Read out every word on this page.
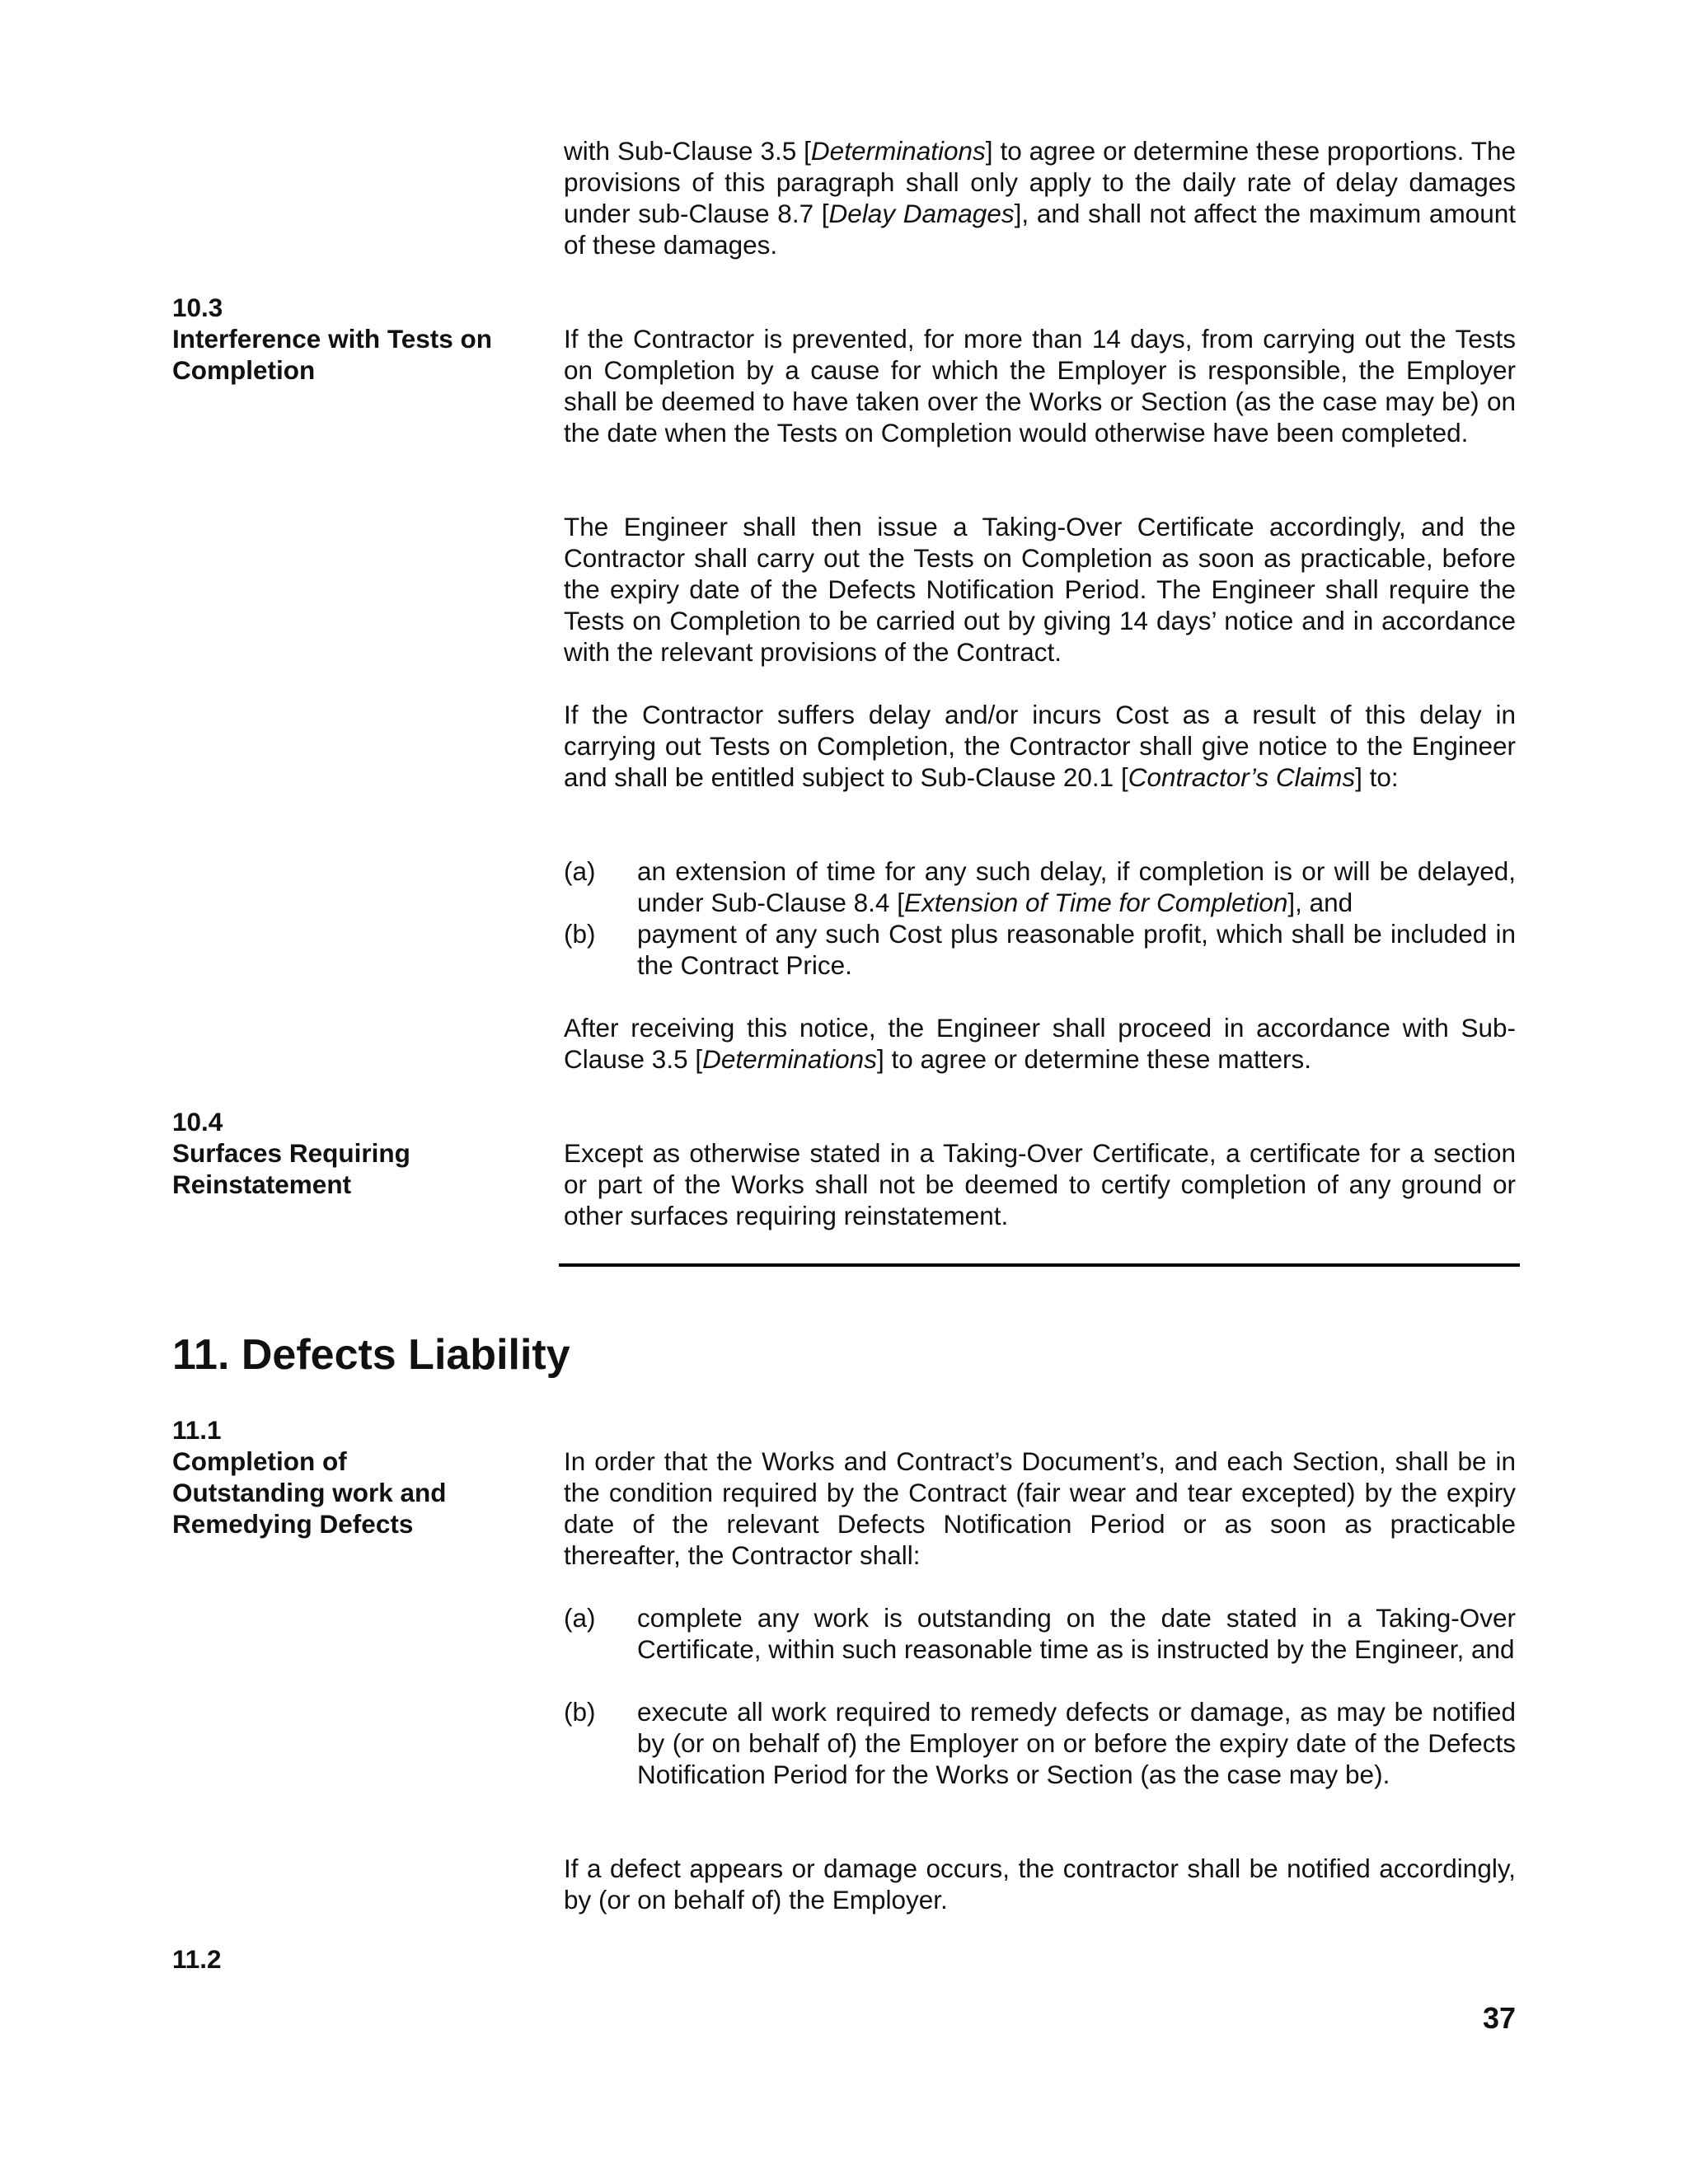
with Sub-Clause 3.5 [Determinations] to agree or determine these proportions. The provisions of this paragraph shall only apply to the daily rate of delay damages under sub-Clause 8.7 [Delay Damages], and shall not affect the maximum amount of these damages.
10.3
Interference with Tests on Completion
If the Contractor is prevented, for more than 14 days, from carrying out the Tests on Completion by a cause for which the Employer is responsible, the Employer shall be deemed to have taken over the Works or Section (as the case may be) on the date when the Tests on Completion would otherwise have been completed.
The Engineer shall then issue a Taking-Over Certificate accordingly, and the Contractor shall carry out the Tests on Completion as soon as practicable, before the expiry date of the Defects Notification Period. The Engineer shall require the Tests on Completion to be carried out by giving 14 days’ notice and in accordance with the relevant provisions of the Contract.
If the Contractor suffers delay and/or incurs Cost as a result of this delay in carrying out Tests on Completion, the Contractor shall give notice to the Engineer and shall be entitled subject to Sub-Clause 20.1 [Contractor’s Claims] to:
(a)	an extension of time for any such delay, if completion is or will be delayed, under Sub-Clause 8.4 [Extension of Time for Completion], and
(b)	payment of any such Cost plus reasonable profit, which shall be included in the Contract Price.
After receiving this notice, the Engineer shall proceed in accordance with Sub-Clause 3.5 [Determinations] to agree or determine these matters.
10.4
Surfaces Requiring Reinstatement
Except as otherwise stated in a Taking-Over Certificate, a certificate for a section or part of the Works shall not be deemed to certify completion of any ground or other surfaces requiring reinstatement.
11. Defects Liability
11.1
Completion of Outstanding work and Remedying Defects
In order that the Works and Contract’s Document’s, and each Section, shall be in the condition required by the Contract (fair wear and tear excepted) by the expiry date of the relevant Defects Notification Period or as soon as practicable thereafter, the Contractor shall:
(a)	complete any work is outstanding on the date stated in a Taking-Over Certificate, within such reasonable time as is instructed by the Engineer, and
(b)	execute all work required to remedy defects or damage, as may be notified by (or on behalf of) the Employer on or before the expiry date of the Defects Notification Period for the Works or Section (as the case may be).
If a defect appears or damage occurs, the contractor shall be notified accordingly, by (or on behalf of) the Employer.
11.2
37
